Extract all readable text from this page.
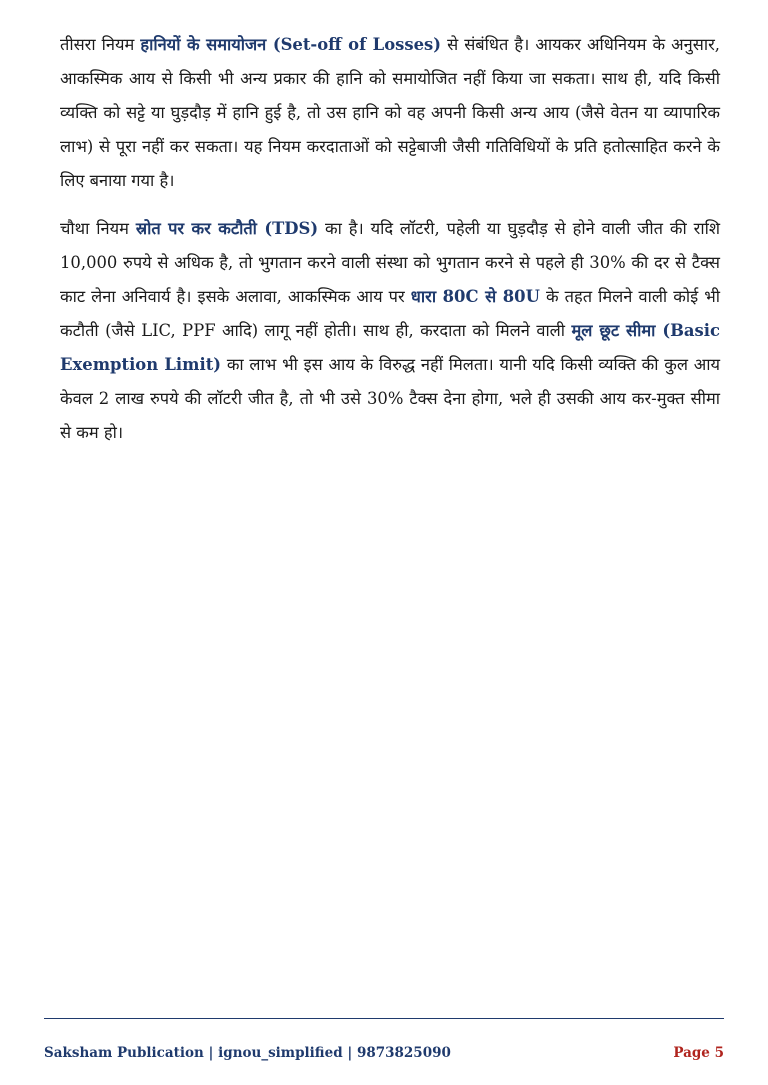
तीसरा नियम हानियों के समायोजन (Set-off of Losses) से संबंधित है। आयकर अधिनियम के अनुसार, आकस्मिक आय से किसी भी अन्य प्रकार की हानि को समायोजित नहीं किया जा सकता। साथ ही, यदि किसी व्यक्ति को सट्टे या घुड़दौड़ में हानि हुई है, तो उस हानि को वह अपनी किसी अन्य आय (जैसे वेतन या व्यापारिक लाभ) से पूरा नहीं कर सकता। यह नियम करदाताओं को सट्टेबाजी जैसी गतिविधियों के प्रति हतोत्साहित करने के लिए बनाया गया है।

चौथा नियम स्रोत पर कर कटौती (TDS) का है। यदि लॉटरी, पहेली या घुड़दौड़ से होने वाली जीत की राशि 10,000 रुपये से अधिक है, तो भुगतान करने वाली संस्था को भुगतान करने से पहले ही 30% की दर से टैक्स काट लेना अनिवार्य है। इसके अलावा, आकस्मिक आय पर धारा 80C से 80U के तहत मिलने वाली कोई भी कटौती (जैसे LIC, PPF आदि) लागू नहीं होती। साथ ही, करदाता को मिलने वाली मूल छूट सीमा (Basic Exemption Limit) का लाभ भी इस आय के विरुद्ध नहीं मिलता। यानी यदि किसी व्यक्ति की कुल आय केवल 2 लाख रुपये की लॉटरी जीत है, तो भी उसे 30% टैक्स देना होगा, भले ही उसकी आय कर-मुक्त सीमा से कम हो।

Saksham Publication | ignou_simplified | 9873825090	Page 5
